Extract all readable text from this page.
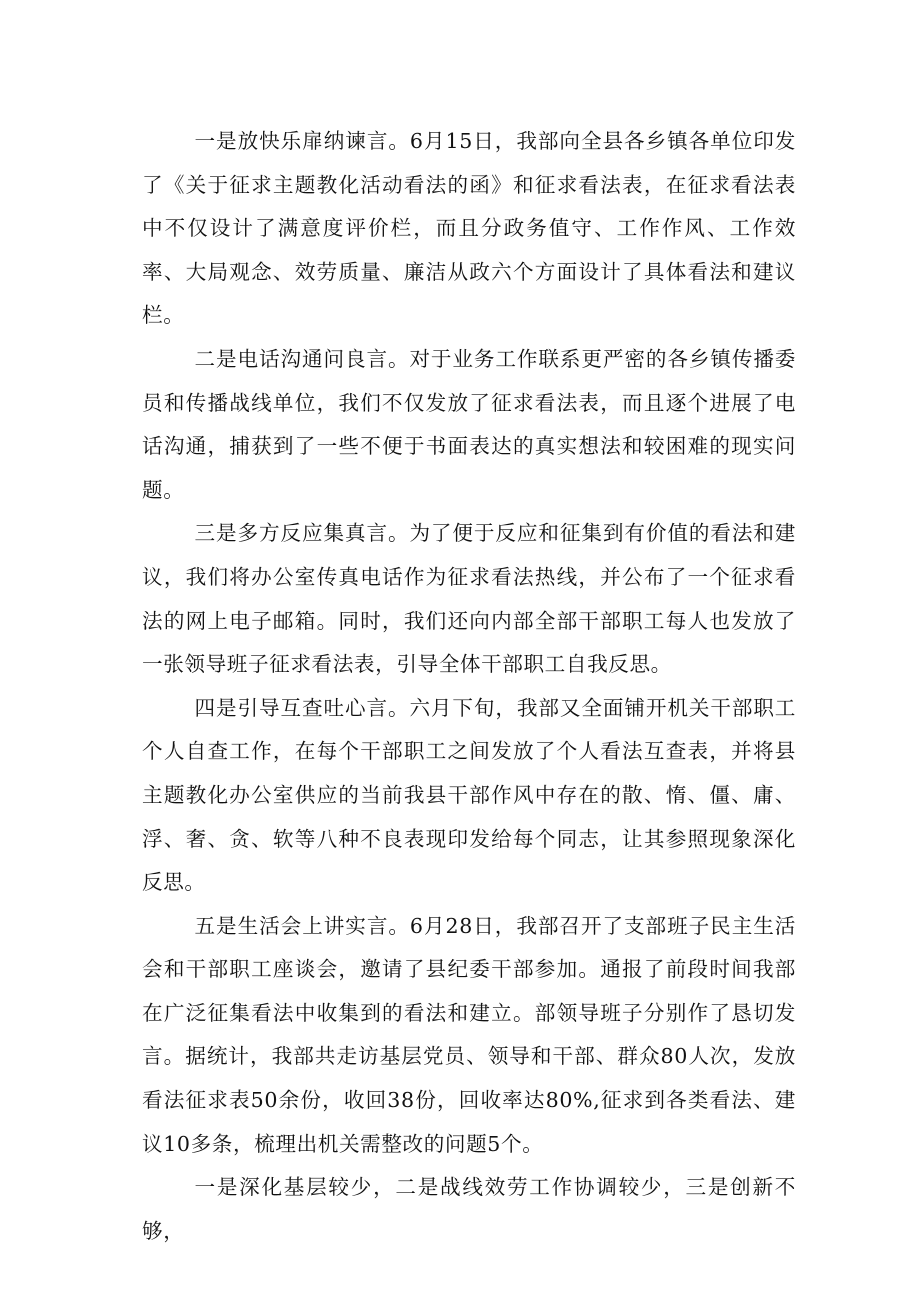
一是放快乐扉纳谏言。6月15日，我部向全县各乡镇各单位印发了《关于征求主题教化活动看法的函》和征求看法表，在征求看法表中不仅设计了满意度评价栏，而且分政务值守、工作作风、工作效率、大局观念、效劳质量、廉洁从政六个方面设计了具体看法和建议栏。

二是电话沟通问良言。对于业务工作联系更严密的各乡镇传播委员和传播战线单位，我们不仅发放了征求看法表，而且逐个进展了电话沟通，捕获到了一些不便于书面表达的真实想法和较困难的现实问题。

三是多方反应集真言。为了便于反应和征集到有价值的看法和建议，我们将办公室传真电话作为征求看法热线，并公布了一个征求看法的网上电子邮箱。同时，我们还向内部全部干部职工每人也发放了一张领导班子征求看法表，引导全体干部职工自我反思。

四是引导互查吐心言。六月下旬，我部又全面铺开机关干部职工个人自查工作，在每个干部职工之间发放了个人看法互查表，并将县主题教化办公室供应的当前我县干部作风中存在的散、惰、僵、庸、浮、奢、贪、软等八种不良表现印发给每个同志，让其参照现象深化反思。

五是生活会上讲实言。6月28日，我部召开了支部班子民主生活会和干部职工座谈会，邀请了县纪委干部参加。通报了前段时间我部在广泛征集看法中收集到的看法和建立。部领导班子分别作了恳切发言。据统计，我部共走访基层党员、领导和干部、群众80人次，发放看法征求表50余份，收回38份，回收率达80%,征求到各类看法、建议10多条，梳理出机关需整改的问题5个。

一是深化基层较少，二是战线效劳工作协调较少，三是创新不够，
